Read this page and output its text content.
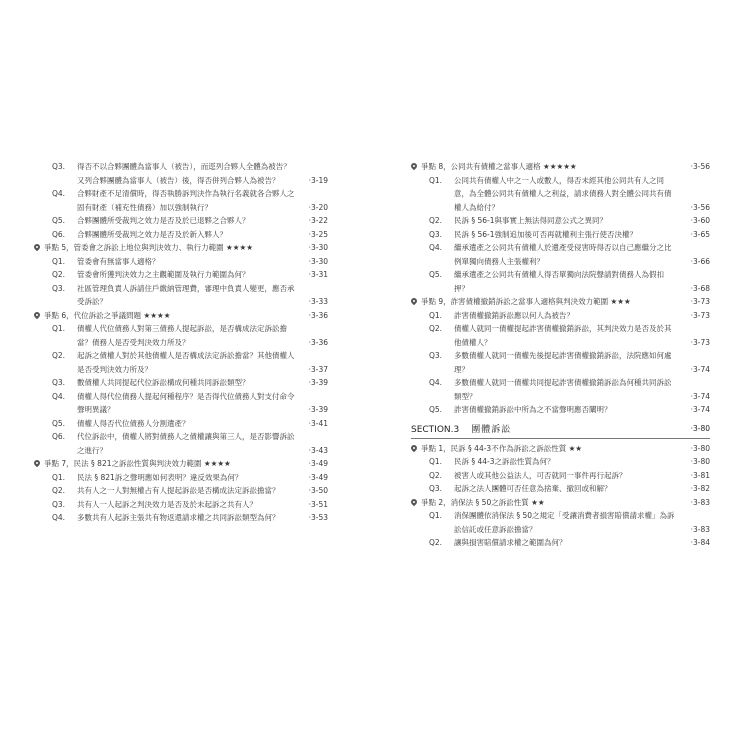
Q3. 得否不以合夥團體為當事人（被告），而逕列合夥人全體為被告？又列合夥團體為當事人（被告）後，得否併列合夥人為被告？	‧3-19
Q4. 合夥財產不足清償時，得否執勝訴判決作為執行名義就各合夥人之固有財產（補充性債務）加以強制執行？	‧3-20
Q5. 合夥團體所受裁判之效力是否及於已退夥之合夥人？	‧3-22
Q6. 合夥團體所受裁判之效力是否及於新入夥人？	‧3-25
爭點 5，管委會之訴訟上地位與判決效力、執行力範圍 ★★★★	‧3-30
Q1. 管委會有無當事人適格？	‧3-30
Q2. 管委會所獲判決效力之主觀範圍及執行力範圍為何？	‧3-31
Q3. 社區管理負責人訴請住戶繳納管理費，審理中負責人變更，應否承受訴訟？	‧3-33
爭點 6，代位訴訟之爭議問題 ★★★★	‧3-36
Q1. 債權人代位債務人對第三債務人提起訴訟，是否構成法定訴訟擔當？債務人是否受判決效力所及？	‧3-36
Q2. 起訴之債權人對於其他債權人是否構成法定訴訟擔當？其他債權人是否受判決效力所及？	‧3-37
Q3. 數債權人共同提起代位訴訟構成何種共同訴訟類型？	‧3-39
Q4. 債權人得代位債務人提起何種程序？是否得代位債務人對支付命令聲明異議？	‧3-39
Q5. 債權人得否代位債務人分割遺產？	‧3-41
Q6. 代位訴訟中，債權人將對債務人之債權讓與第三人，是否影響訴訟之進行？	‧3-43
爭點 7，民法 § 821之訴訟性質與判決效力範圍 ★★★★	‧3-49
Q1. 民法 § 821訴之聲明應如何表明？違反效果為何？	‧3-49
Q2. 共有人之一人對無權占有人提起訴訟是否構成法定訴訟擔當？	‧3-50
Q3. 共有人一人起訴之判決效力是否及於未起訴之共有人？	‧3-51
Q4. 多數共有人起訴主張共有物返還請求權之共同訴訟類型為何？	‧3-53
爭點 8，公同共有債權之當事人適格 ★★★★★	‧3-56
Q1. 公同共有債權人中之一人或數人，得否未經其他公同共有人之同意，為全體公同共有債權人之利益，請求債務人對全體公同共有債權人為給付？	‧3-56
Q2. 民訴 § 56-1與事實上無法得同意公式之異同？	‧3-60
Q3. 民訴 § 56-1強制追加後可否再就權利主張行使否決權？	‧3-65
Q4. 繼承遺產之公同共有債權人於遺產受侵害時得否以自己應繼分之比例單獨向債務人主張權利？	‧3-66
Q5. 繼承遺產之公同共有債權人得否單獨向法院聲請對債務人為假扣押？	‧3-68
爭點 9，詐害債權撤銷訴訟之當事人適格與判決效力範圍 ★★★	‧3-73
Q1. 詐害債權撤銷訴訟應以何人為被告？	‧3-73
Q2. 債權人就同一債權提起詐害債權撤銷訴訟，其判決效力是否及於其他債權人？	‧3-73
Q3. 多數債權人就同一債權先後提起詐害債權撤銷訴訟，法院應如何處理？	‧3-74
Q4. 多數債權人就同一債權共同提起詐害債權撤銷訴訟為何種共同訴訟類型？	‧3-74
Q5. 詐害債權撤銷訴訟中所為之不當聲明應否闡明？	‧3-74
SECTION.3 團體訴訟	‧3-80
爭點 1，民訴 § 44-3不作為訴訟之訴訟性質 ★★	‧3-80
Q1. 民訴 § 44-3之訴訟性質為何？	‧3-80
Q2. 被害人或其他公益法人，可否就同一事件再行起訴？	‧3-81
Q3. 起訴之法人團體可否任意為捨棄、撤回或和解？	‧3-82
爭點 2，消保法 § 50之訴訟性質 ★★	‧3-83
Q1. 消保團體依消保法 § 50之規定「受讓消費者損害賠償請求權」為訴訟信託或任意訴訟擔當？	‧3-83
Q2. 讓與損害賠償請求權之範圍為何？	‧3-84
